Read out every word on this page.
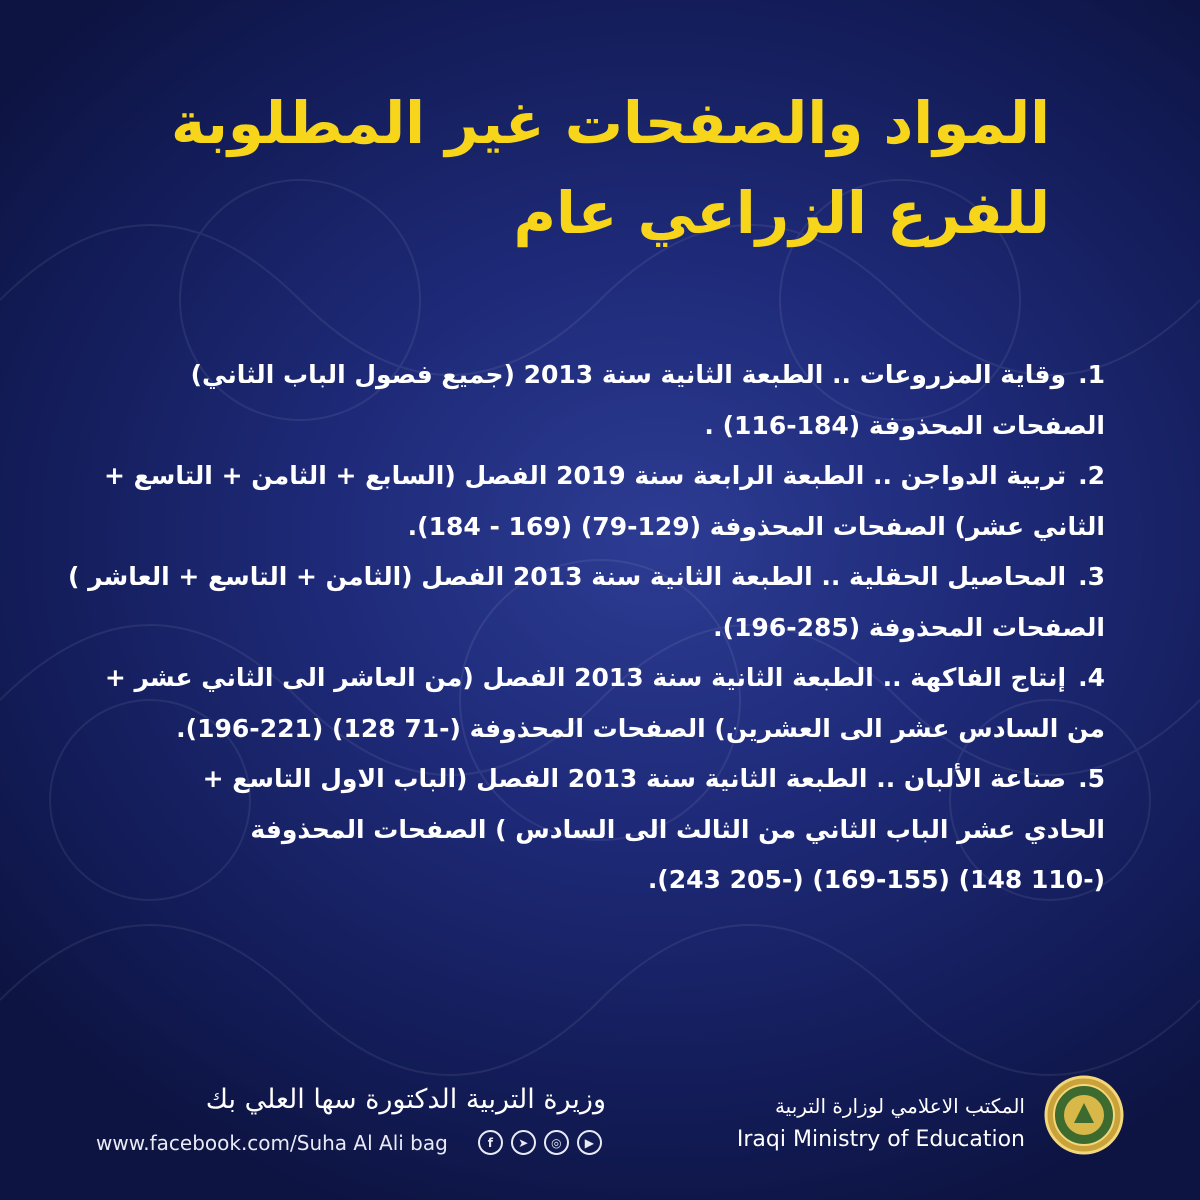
المواد والصفحات غير المطلوبة
للفرع الزراعي عام
1.وقاية المزروعات .. الطبعة الثانية سنة 2013 (جميع فصول الباب الثاني)
الصفحات المحذوفة (184-116) .
2.تربية الدواجن .. الطبعة الرابعة سنة 2019 الفصل (السابع + الثامن + التاسع +
الثاني عشر) الصفحات المحذوفة (129-79) (169 - 184).
3.المحاصيل الحقلية .. الطبعة الثانية سنة 2013 الفصل (الثامن + التاسع + العاشر )
الصفحات المحذوفة (285-196).
4.إنتاج الفاكهة .. الطبعة الثانية سنة 2013 الفصل (من العاشر الى الثاني عشر +
من السادس عشر الى العشرين) الصفحات المحذوفة (-71 128) (221-196).
5.صناعة الألبان .. الطبعة الثانية سنة 2013 الفصل (الباب الاول التاسع +
الحادي عشر الباب الثاني من الثالث الى السادس ) الصفحات المحذوفة
(-110 148) (169-155) (-205 243).
وزيرة التربية الدكتورة سها العلي بك
www.facebook.com/Suha Al Ali bag	f	➤	◎	▶
المكتب الاعلامي لوزارة التربية
Iraqi Ministry of Education
